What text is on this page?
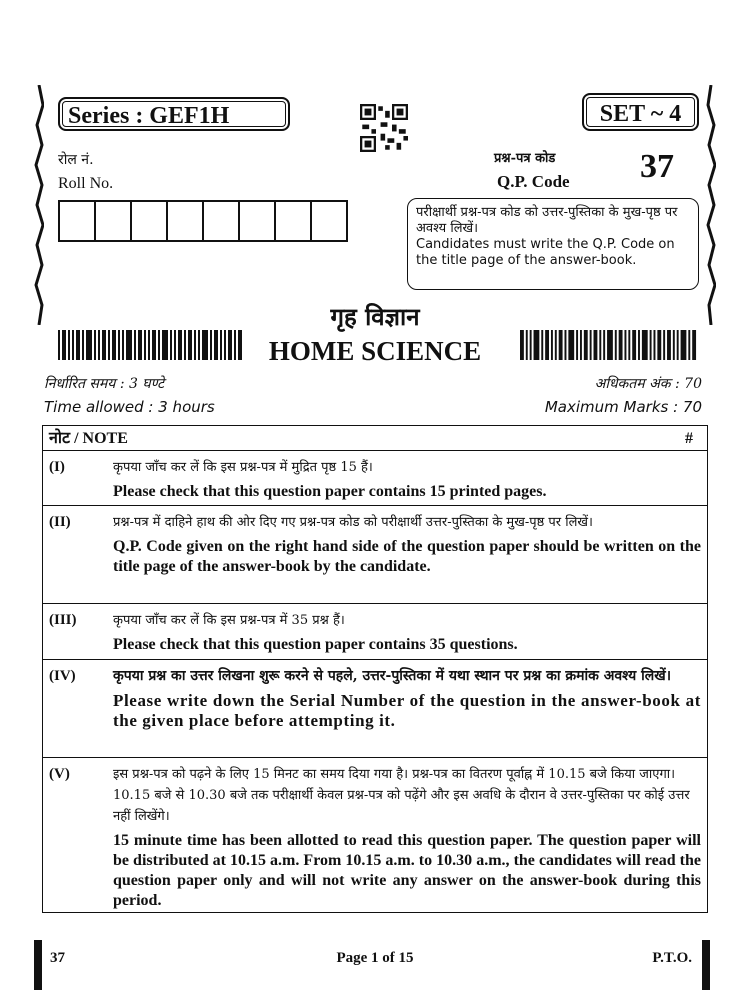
Series : GEF1H	SET ~ 4
रोल नं.
Roll No.
प्रश्न-पत्र कोड
Q.P. Code 37
परीक्षार्थी प्रश्न-पत्र कोड को उत्तर-पुस्तिका के मुख-पृष्ठ पर अवश्य लिखें।
Candidates must write the Q.P. Code on the title page of the answer-book.
गृह विज्ञान
HOME SCIENCE
निर्धारित समय : 3 घण्टे
Time allowed : 3 hours
अधिकतम अंक : 70
Maximum Marks : 70
नोट / NOTE	#
(I)	कृपया जाँच कर लें कि इस प्रश्न-पत्र में मुद्रित पृष्ठ 15 हैं।
Please check that this question paper contains 15 printed pages.
(II)	प्रश्न-पत्र में दाहिने हाथ की ओर दिए गए प्रश्न-पत्र कोड को परीक्षार्थी उत्तर-पुस्तिका के मुख-पृष्ठ पर लिखें।
Q.P. Code given on the right hand side of the question paper should be written on the title page of the answer-book by the candidate.
(III)	कृपया जाँच कर लें कि इस प्रश्न-पत्र में 35 प्रश्न हैं।
Please check that this question paper contains 35 questions.
(IV)	कृपया प्रश्न का उत्तर लिखना शुरू करने से पहले, उत्तर-पुस्तिका में यथा स्थान पर प्रश्न का क्रमांक अवश्य लिखें।
Please write down the Serial Number of the question in the answer-book at the given place before attempting it.
(V)	इस प्रश्न-पत्र को पढ़ने के लिए 15 मिनट का समय दिया गया है। प्रश्न-पत्र का वितरण पूर्वाह्न में 10.15 बजे किया जाएगा। 10.15 बजे से 10.30 बजे तक परीक्षार्थी केवल प्रश्न-पत्र को पढ़ेंगे और इस अवधि के दौरान वे उत्तर-पुस्तिका पर कोई उत्तर नहीं लिखेंगे।
15 minute time has been allotted to read this question paper. The question paper will be distributed at 10.15 a.m. From 10.15 a.m. to 10.30 a.m., the candidates will read the question paper only and will not write any answer on the answer-book during this period.
37	Page 1 of 15	P.T.O.
